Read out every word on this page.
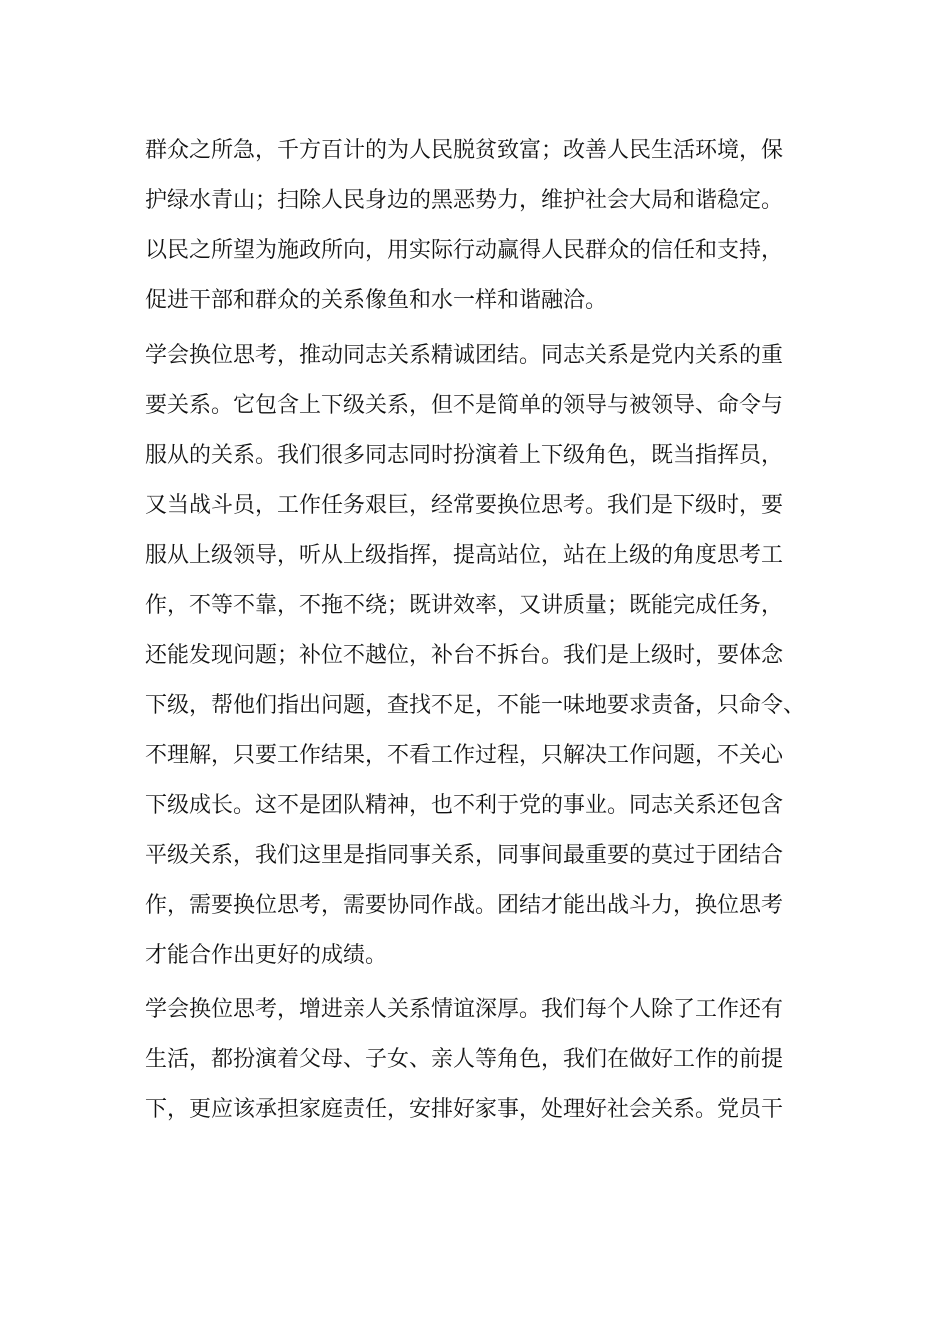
群众之所急，千方百计的为人民脱贫致富；改善人民生活环境，保
护绿水青山；扫除人民身边的黑恶势力，维护社会大局和谐稳定。
以民之所望为施政所向，用实际行动赢得人民群众的信任和支持，
促进干部和群众的关系像鱼和水一样和谐融洽。
学会换位思考，推动同志关系精诚团结。同志关系是党内关系的重
要关系。它包含上下级关系，但不是简单的领导与被领导、命令与
服从的关系。我们很多同志同时扮演着上下级角色，既当指挥员，
又当战斗员，工作任务艰巨，经常要换位思考。我们是下级时，要
服从上级领导，听从上级指挥，提高站位，站在上级的角度思考工
作，不等不靠，不拖不绕；既讲效率，又讲质量；既能完成任务，
还能发现问题；补位不越位，补台不拆台。我们是上级时，要体念
下级，帮他们指出问题，查找不足，不能一味地要求责备，只命令、
不理解，只要工作结果，不看工作过程，只解决工作问题，不关心
下级成长。这不是团队精神，也不利于党的事业。同志关系还包含
平级关系，我们这里是指同事关系，同事间最重要的莫过于团结合
作，需要换位思考，需要协同作战。团结才能出战斗力，换位思考
才能合作出更好的成绩。
学会换位思考，增进亲人关系情谊深厚。我们每个人除了工作还有
生活，都扮演着父母、子女、亲人等角色，我们在做好工作的前提
下，更应该承担家庭责任，安排好家事，处理好社会关系。党员干
